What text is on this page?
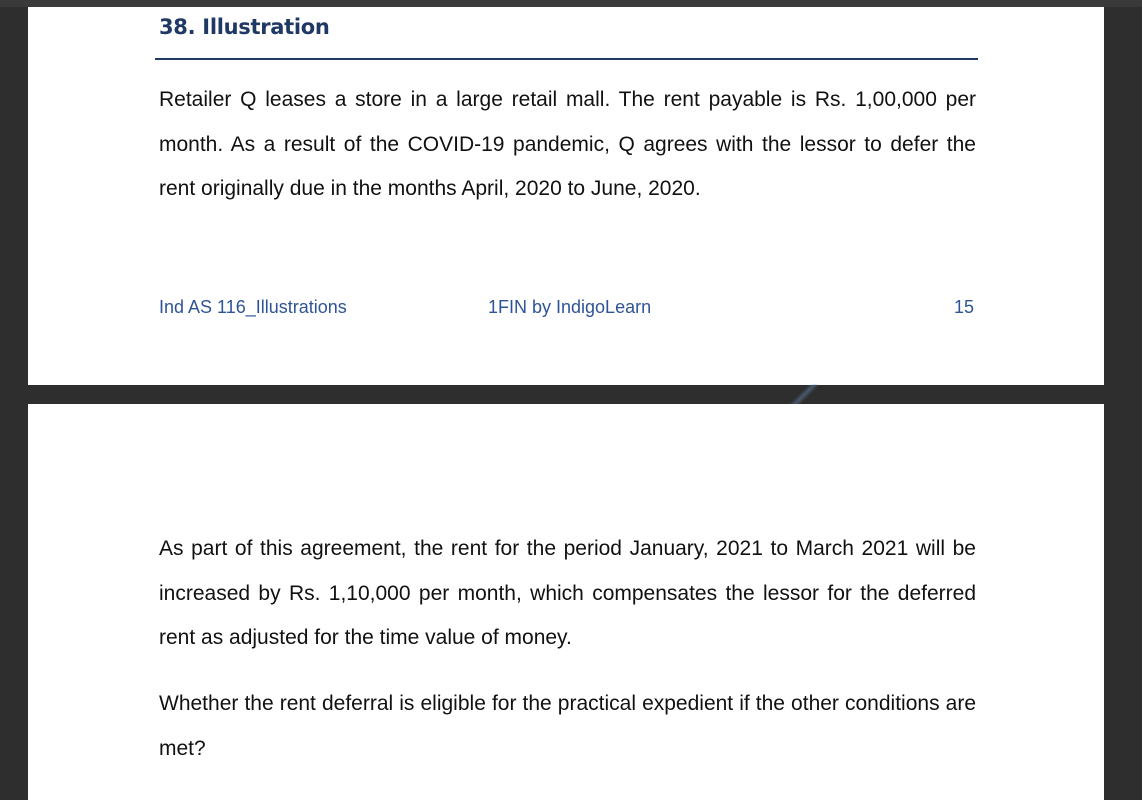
38. Illustration

Retailer Q leases a store in a large retail mall. The rent payable is Rs. 1,00,000 per month. As a result of the COVID-19 pandemic, Q agrees with the lessor to defer the rent originally due in the months April, 2020 to June, 2020.

Ind AS 116_Illustrations	1FIN by IndigoLearn	15

As part of this agreement, the rent for the period January, 2021 to March 2021 will be increased by Rs. 1,10,000 per month, which compensates the lessor for the deferred rent as adjusted for the time value of money.

Whether the rent deferral is eligible for the practical expedient if the other conditions are met?
